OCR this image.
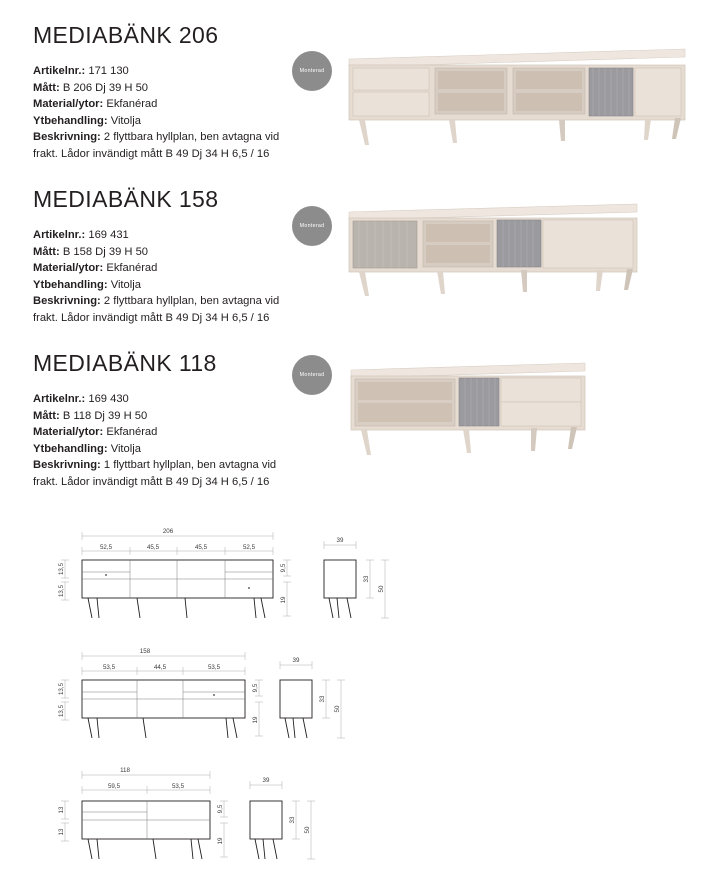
MEDIABÄNK 206

Artikelnr.: 171 130

Mått: B 206 Dj 39 H 50

Material/ytor: Ekfanérad

Ytbehandling: Vitolja

Beskrivning: 2 flyttbara hyllplan, ben avtagna vid frakt. Lådor invändigt mått B 49 Dj 34 H 6,5 / 16

Monterad
MEDIABÄNK 158

Artikelnr.: 169 431

Mått: B 158 Dj 39 H 50

Material/ytor: Ekfanérad

Ytbehandling: Vitolja

Beskrivning: 2 flyttbara hyllplan, ben avtagna vid frakt. Lådor invändigt mått B 49 Dj 34 H 6,5 / 16

Monterad
MEDIABÄNK 118

Artikelnr.: 169 430

Mått: B 118 Dj 39 H 50

Material/ytor: Ekfanérad

Ytbehandling: Vitolja

Beskrivning: 1 flyttbart hyllplan, ben avtagna vid frakt. Lådor invändigt mått B 49 Dj 34 H 6,5 / 16

Monterad
206
52,5	45,5	45,5	52,5
13,5
13,5
9,5
19
39
33
50
158
53,5	44,5	53,5
13,5
13,5
9,5
19
39
33
50
118
59,5	53,5
13
13
9,5
19
39
33
50
